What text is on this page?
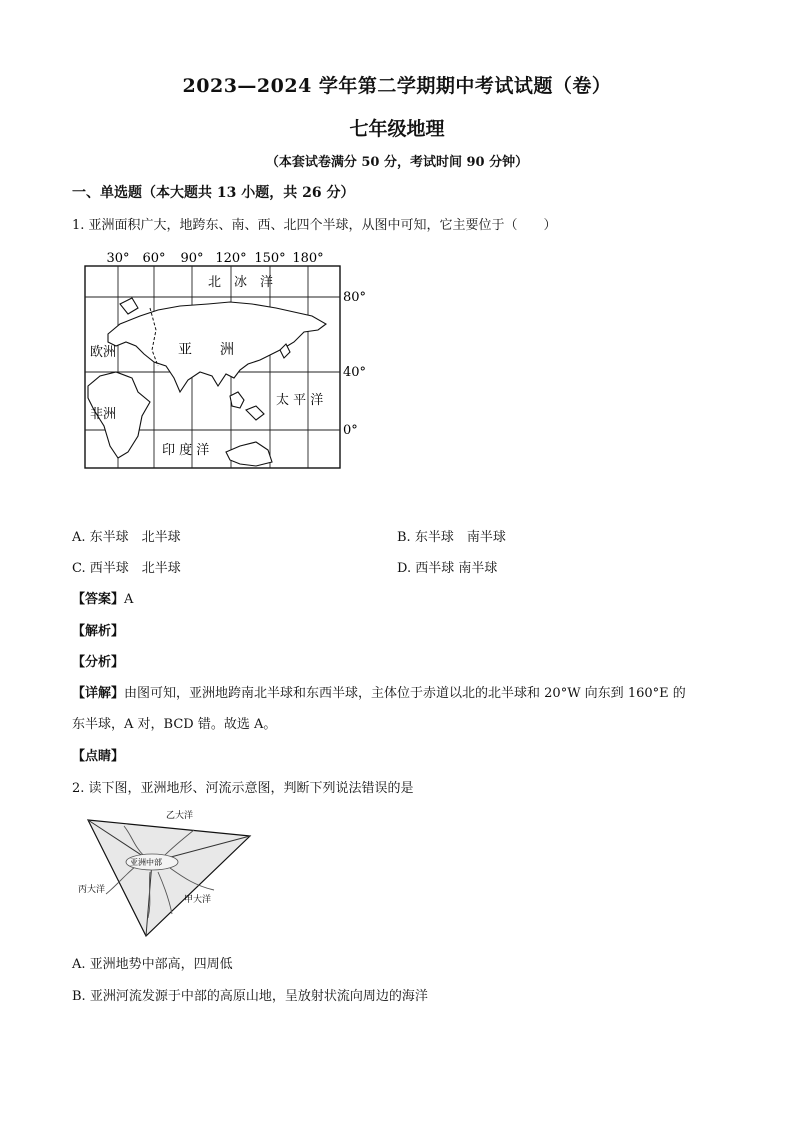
2023—2024 学年第二学期期中考试试题（卷）
七年级地理
（本套试卷满分 50 分，考试时间 90 分钟）
一、单选题（本大题共 13 小题，共 26 分）
1. 亚洲面积广大，地跨东、南、西、北四个半球，从图中可知，它主要位于（　　）
30° 60° 90° 120° 150° 180°
80°
40°
0°
北　冰　洋
欧洲	亚　　洲
非洲
太 平 洋
印 度 洋
A. 东半球　北半球	B. 东半球　南半球
C. 西半球　北半球	D. 西半球 南半球
【答案】A
【解析】
【分析】
【详解】由图可知，亚洲地跨南北半球和东西半球，主体位于赤道以北的北半球和 20°W 向东到 160°E 的
东半球，A 对，BCD 错。故选 A。
【点睛】
2. 读下图，亚洲地形、河流示意图，判断下列说法错误的是
乙大洋
丙大洋
甲大洋
亚洲中部
A. 亚洲地势中部高，四周低
B. 亚洲河流发源于中部的高原山地，呈放射状流向周边的海洋
